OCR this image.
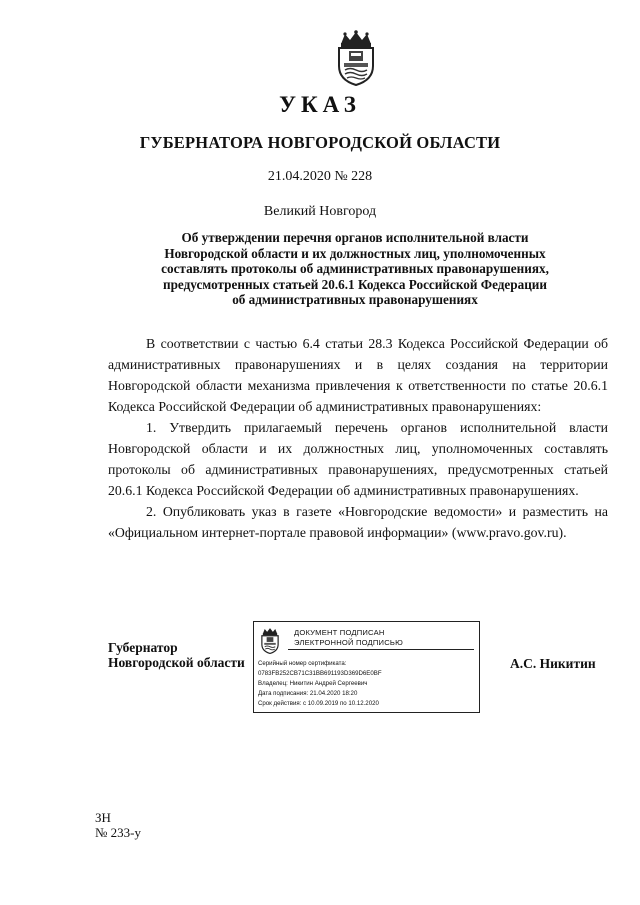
УКАЗ
ГУБЕРНАТОРА НОВГОРОДСКОЙ ОБЛАСТИ
21.04.2020 № 228
Великий Новгород
Об утверждении перечня органов исполнительной власти
Новгородской области и их должностных лиц, уполномоченных
составлять протоколы об административных правонарушениях,
предусмотренных статьей 20.6.1 Кодекса Российской Федерации
об административных правонарушениях

В соответствии с частью 6.4 статьи 28.3 Кодекса Российской Федерации об административных правонарушениях и в целях создания на территории Новгородской области механизма привлечения к ответственности по статье 20.6.1 Кодекса Российской Федерации об административных правонарушениях:

1. Утвердить прилагаемый перечень органов исполнительной власти Новгородской области и их должностных лиц, уполномоченных составлять протоколы об административных правонарушениях, предусмотренных статьей 20.6.1 Кодекса Российской Федерации об административных правонарушениях.

2. Опубликовать указ в газете «Новгородские ведомости» и разместить на «Официальном интернет-портале правовой информации» (www.pravo.gov.ru).

Губернатор
Новгородской области
ДОКУМЕНТ ПОДПИСАН
ЭЛЕКТРОННОЙ ПОДПИСЬЮ
Серийный номер сертификата:
0783FB252CB71C31BB691193D369D6E0BF
Владелец: Никитин Андрей Сергеевич
Дата подписания: 21.04.2020 18:20
Срок действия: с 10.09.2019 по 10.12.2020
А.С. Никитин
ЗН
№ 233-у
